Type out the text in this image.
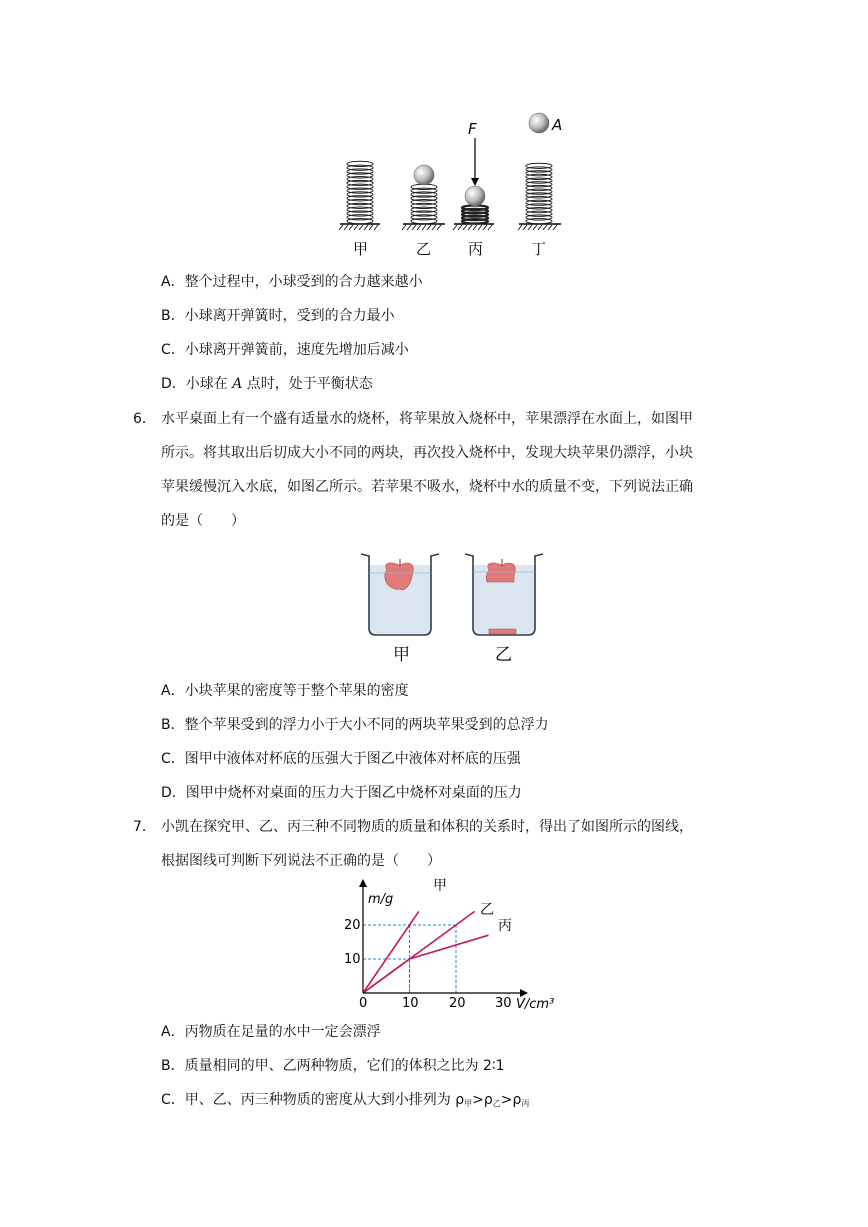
F	A
甲	乙 丙	丁
A．整个过程中，小球受到的合力越来越小
B．小球离开弹簧时，受到的合力最小
C．小球离开弹簧前，速度先增加后减小
D．小球在 A 点时，处于平衡状态
6． 水平桌面上有一个盛有适量水的烧杯，将苹果放入烧杯中，苹果漂浮在水面上，如图甲
所示。将其取出后切成大小不同的两块，再次投入烧杯中，发现大块苹果仍漂浮，小块
苹果缓慢沉入水底，如图乙所示。若苹果不吸水，烧杯中水的质量不变，下列说法正确
的是（　　）
甲	乙
A．小块苹果的密度等于整个苹果的密度
B．整个苹果受到的浮力小于大小不同的两块苹果受到的总浮力
C．图甲中液体对杯底的压强大于图乙中液体对杯底的压强
D．图甲中烧杯对桌面的压力大于图乙中烧杯对桌面的压力
7． 小凯在探究甲、乙、丙三种不同物质的质量和体积的关系时，得出了如图所示的图线，
根据图线可判断下列说法不正确的是（　　）
m/g
V/cm³
0	10 20 30
10
20
甲
乙
丙
A．丙物质在足量的水中一定会漂浮
B．质量相同的甲、乙两种物质，它们的体积之比为 2∶1
C．甲、乙、丙三种物质的密度从大到小排列为 $\rho_甲>\rho_乙>\rho_丙$
